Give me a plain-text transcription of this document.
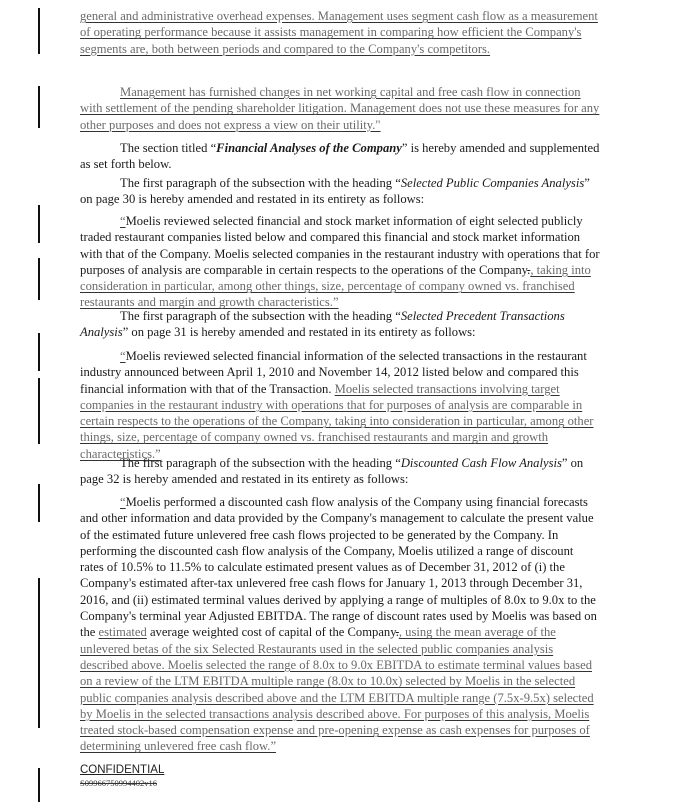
general and administrative overhead expenses. Management uses segment cash flow as a measurement of operating performance because it assists management in comparing how efficient the Company's segments are, both between periods and compared to the Company's competitors.

Management has furnished changes in net working capital and free cash flow in connection with settlement of the pending shareholder litigation. Management does not use these measures for any other purposes and does not express a view on their utility."

The section titled “Financial Analyses of the Company” is hereby amended and supplemented as set forth below.

The first paragraph of the subsection with the heading “Selected Public Companies Analysis” on page 30 is hereby amended and restated in its entirety as follows:

“Moelis reviewed selected financial and stock market information of eight selected publicly traded restaurant companies listed below and compared this financial and stock market information with that of the Company. Moelis selected companies in the restaurant industry with operations that for purposes of analysis are comparable in certain respects to the operations of the Company., taking into consideration in particular, among other things, size, percentage of company owned vs. franchised restaurants and margin and growth characteristics.”

The first paragraph of the subsection with the heading “Selected Precedent Transactions Analysis” on page 31 is hereby amended and restated in its entirety as follows:

“Moelis reviewed selected financial information of the selected transactions in the restaurant industry announced between April 1, 2010 and November 14, 2012 listed below and compared this financial information with that of the Transaction. Moelis selected transactions involving target companies in the restaurant industry with operations that for purposes of analysis are comparable in certain respects to the operations of the Company, taking into consideration in particular, among other things, size, percentage of company owned vs. franchised restaurants and margin and growth characteristics.”

The first paragraph of the subsection with the heading “Discounted Cash Flow Analysis” on page 32 is hereby amended and restated in its entirety as follows:

“Moelis performed a discounted cash flow analysis of the Company using financial forecasts and other information and data provided by the Company's management to calculate the present value of the estimated future unlevered free cash flows projected to be generated by the Company. In performing the discounted cash flow analysis of the Company, Moelis utilized a range of discount rates of 10.5% to 11.5% to calculate estimated present values as of December 31, 2012 of (i) the Company's estimated after-tax unlevered free cash flows for January 1, 2013 through December 31, 2016, and (ii) estimated terminal values derived by applying a range of multiples of 8.0x to 9.0x to the Company's terminal year Adjusted EBITDA. The range of discount rates used by Moelis was based on the estimated average weighted cost of capital of the Company., using the mean average of the unlevered betas of the six Selected Restaurants used in the selected public companies analysis described above. Moelis selected the range of 8.0x to 9.0x EBITDA to estimate terminal values based on a review of the LTM EBITDA multiple range (8.0x to 10.0x) selected by Moelis in the selected public companies analysis described above and the LTM EBITDA multiple range (7.5x-9.5x) selected by Moelis in the selected transactions analysis described above. For purposes of this analysis, Moelis treated stock-based compensation expense and pre-opening expense as cash expenses for purposes of determining unlevered free cash flow.”

CONFIDENTIAL
S09966750994402v16
